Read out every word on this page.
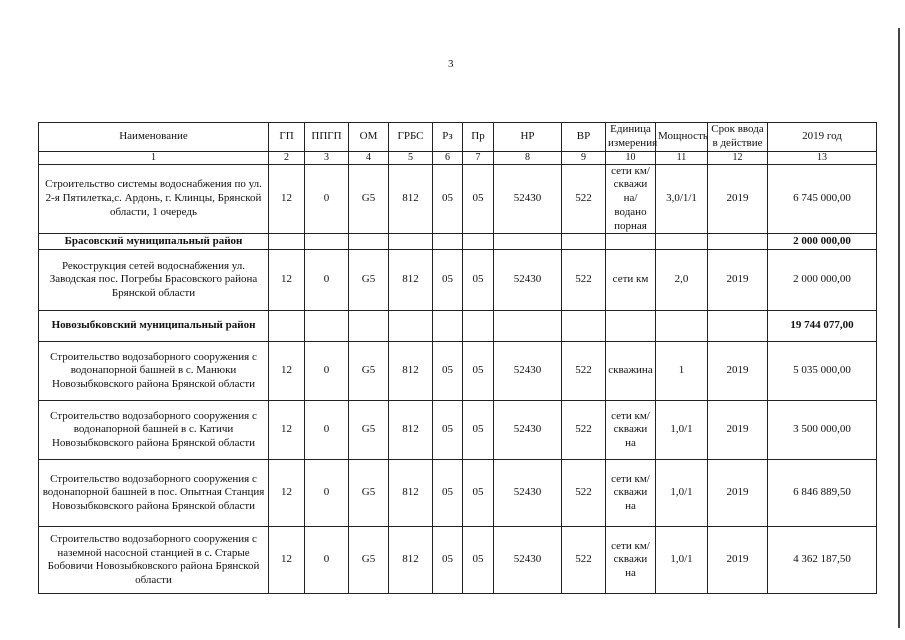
3
Наименование	ГП	ППГП	ОМ	ГРБС	Рз	Пр	НР	ВР	Единица измерения	Мощность	Срок ввода в действие	2019 год
1	2	3	4	5	6	7	8	9	10	11	12	13
Строительство системы водоснабжения по ул. 2-я Пятилетка,с. Ардонь, г. Клинцы, Брянской области, 1 очередь	12	0	G5	812	05	05	52430	522	сети км/скважи на/водано порная	3,0/1/1	2019	6 745 000,00
Брасовский муниципальный район												2 000 000,00
Рекострукция сетей водоснабжения ул. Заводская пос. Погребы Брасовского района Брянской области	12	0	G5	812	05	05	52430	522	сети км	2,0	2019	2 000 000,00
Новозыбковский муниципальный район												19 744 077,00
Строительство водозаборного сооружения с водонапорной башней в с. Манюки Новозыбковского района Брянской области	12	0	G5	812	05	05	52430	522	скважина	1	2019	5 035 000,00
Строительство водозаборного сооружения с водонапорной башней в с. Катичи Новозыбковского района Брянской области	12	0	G5	812	05	05	52430	522	сети км/скважи на	1,0/1	2019	3 500 000,00
Строительство водозаборного сооружения с водонапорной башней в пос. Опытная Станция Новозыбковского района Брянской области	12	0	G5	812	05	05	52430	522	сети км/скважи на	1,0/1	2019	6 846 889,50
Строительство водозаборного сооружения с наземной насосной станцией в с. Старые Бобовичи Новозыбковского района Брянской области	12	0	G5	812	05	05	52430	522	сети км/скважи на	1,0/1	2019	4 362 187,50
